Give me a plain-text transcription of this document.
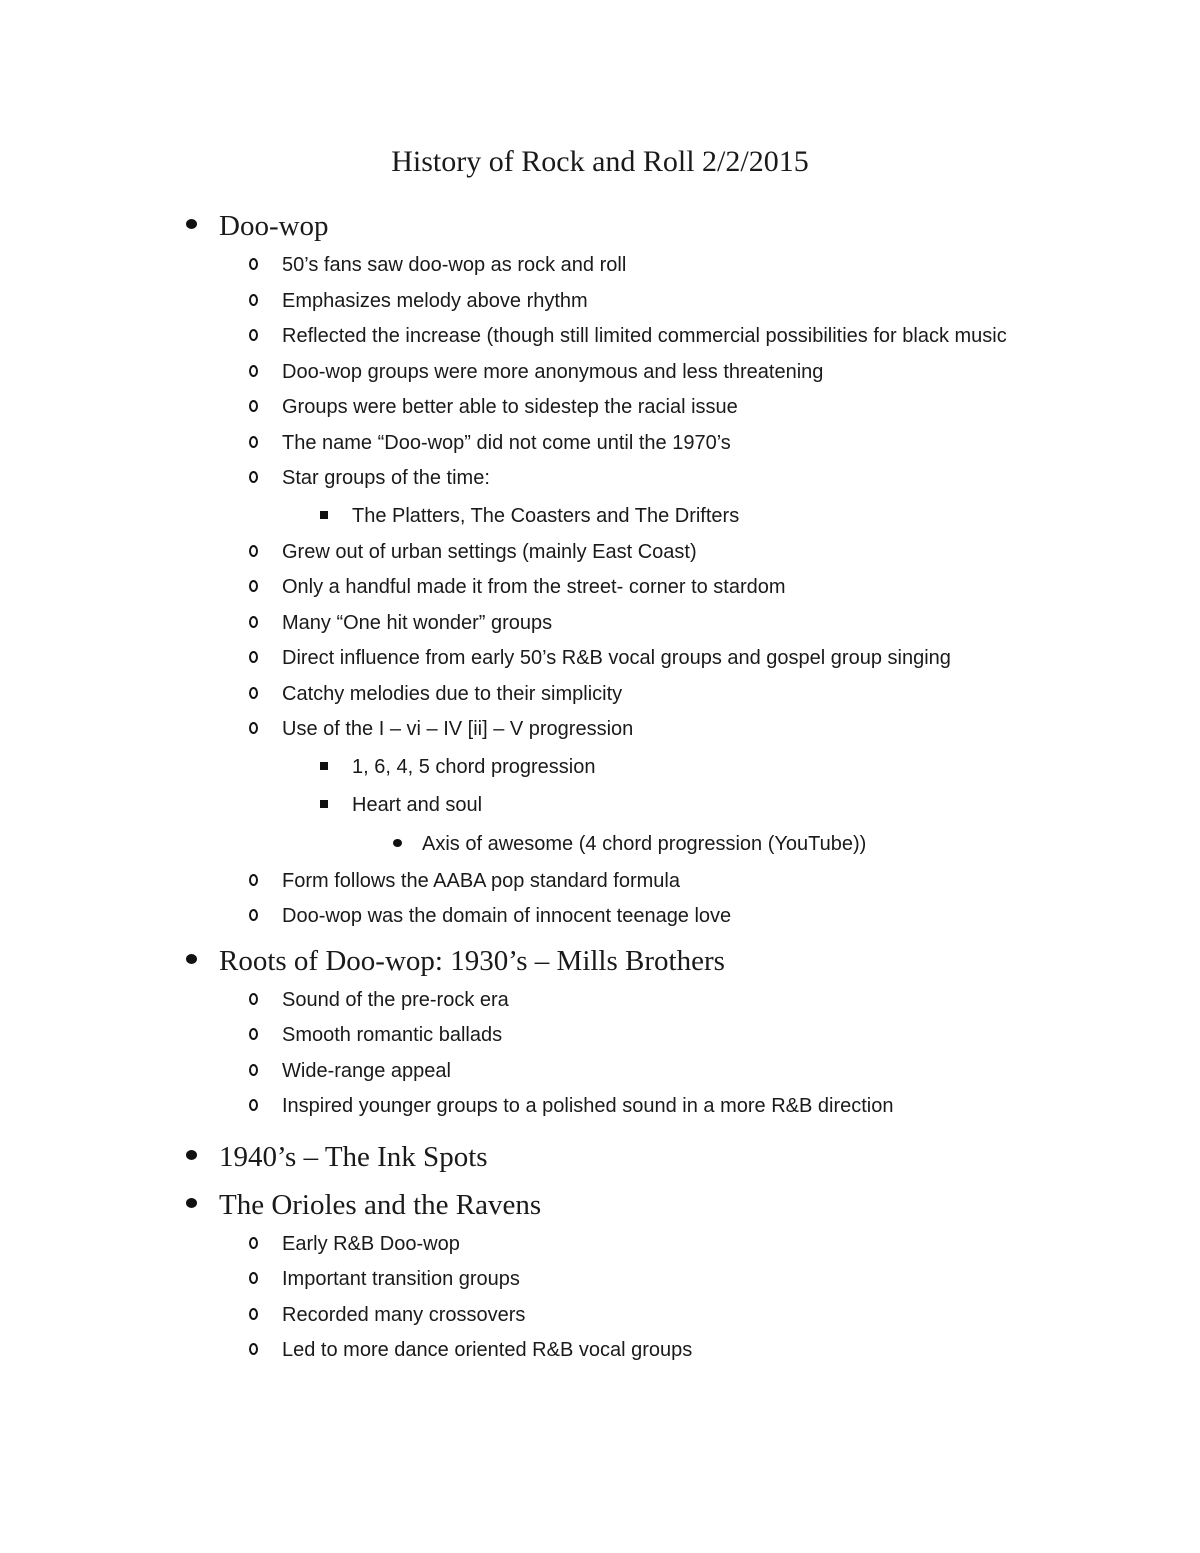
History of Rock and Roll 2/2/2015
Doo-wop
50’s fans saw doo-wop as rock and roll
Emphasizes melody above rhythm
Reflected the increase (though still limited commercial possibilities for black music
Doo-wop groups were more anonymous and less threatening
Groups were better able to sidestep the racial issue
The name “Doo-wop” did not come until the 1970’s
Star groups of the time:
The Platters, The Coasters and The Drifters
Grew out of urban settings (mainly East Coast)
Only a handful made it from the street- corner to stardom
Many “One hit wonder” groups
Direct influence from early 50’s R&B vocal groups and gospel group singing
Catchy melodies due to their simplicity
Use of the I – vi – IV [ii] – V progression
1, 6, 4, 5 chord progression
Heart and soul
Axis of awesome (4 chord progression (YouTube))
Form follows the AABA pop standard formula
Doo-wop was the domain of innocent teenage love
Roots of Doo-wop: 1930’s – Mills Brothers
Sound of the pre-rock era
Smooth romantic ballads
Wide-range appeal
Inspired younger groups to a polished sound in a more R&B direction
1940’s – The Ink Spots
The Orioles and the Ravens
Early R&B Doo-wop
Important transition groups
Recorded many crossovers
Led to more dance oriented R&B vocal groups
